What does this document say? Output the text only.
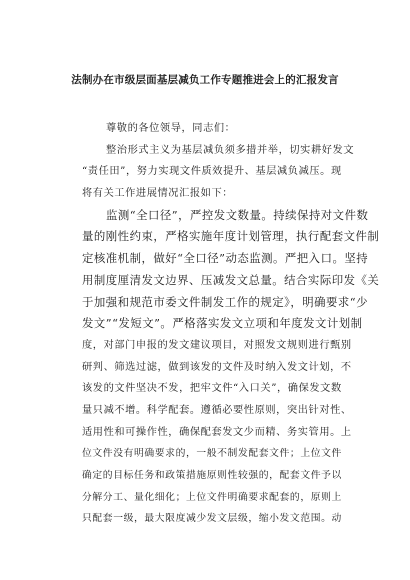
法制办在市级层面基层减负工作专题推进会上的汇报发言
尊敬的各位领导，同志们：
整治形式主义为基层减负须多措并举，切实耕好发文
“责任田”，努力实现文件质效提升、基层减负减压。现
将有关工作进展情况汇报如下：
监测“全口径”，严控发文数量。持续保持对文件数
量的刚性约束，严格实施年度计划管理，执行配套文件制
定核准机制，做好“全口径”动态监测。严把入口。坚持
用制度厘清发文边界、压减发文总量。结合实际印发《关
于加强和规范市委文件制发工作的规定》，明确要求“少
发文”“发短文”。严格落实发文立项和年度发文计划制
度，对部门申报的发文建议项目，对照发文规则进行甄别
研判、筛选过滤，做到该发的文件及时纳入发文计划，不
该发的文件坚决不发，把牢文件“入口关”，确保发文数
量只减不增。科学配套。遵循必要性原则，突出针对性、
适用性和可操作性，确保配套发文少而精、务实管用。上
位文件没有明确要求的，一般不制发配套文件；上位文件
确定的目标任务和政策措施原则性较强的，配套文件予以
分解分工、量化细化；上位文件明确要求配套的，原则上
只配套一级，最大限度减少发文层级，缩小发文范围。动
